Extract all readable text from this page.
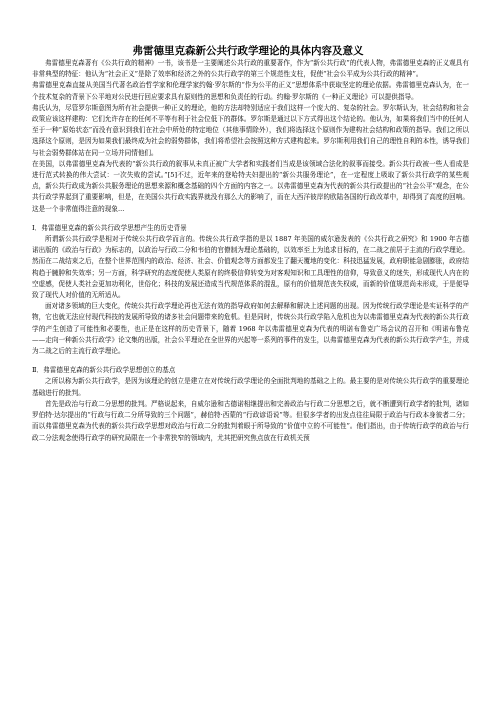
弗雷德里克森新公共行政学理论的具体内容及意义

弗雷德里克森著有《公共行政的精神》一书，该书是一主要阐述公共行政的重要著作，作为“新公共行政”的代表人物，弗雷德里克森的正义观具有非常典型的特征：他认为“社会正义”是除了效率和经济之外的公共行政学的第三个规范性支柱，促使“社会公平成为公共行政的精神”。

弗雷德里克森直接从美国当代著名政治哲学家和伦理学家约翰·罗尔斯的“作为公平的正义”思想体系中获取坚定的理论依据。弗雷德里克森认为，在一个技术复杂的背景下公平地对公民进行回应要求具有原则性的思想和负责任的行动。约翰·罗尔斯的《一种正义理论》可以提供指导。

弗氏认为，尽管罗尔斯意图为所有社会提供一种正义的理论，他的方法却特别适应于我们这样一个庞大的、复杂的社会。罗尔斯认为，社会结构和社会政策应该这样建构：它们允许存在的任何不平等有利于社会位低下的群体。罗尔斯是通过以下方式得出这个结论的。他认为，如果将我们当中的任何人至于一种“原始状态”而没有意识到我们在社会中所处的特定地位（其他事情除外），我们将选择这个原则作为建构社会结构和政策的指导。我们之所以选择这个原则，是因为如果我们最终成为社会的弱势群体，我们将希望社会按照这种方式建构起来。罗尔斯利用我们自己的理性自利的本性，诱导我们与社会弱势群体站在同一立场并同情他们。

在美国，以弗雷德里克森为代表的“新公共行政的叙事从未真正被广大学者和实践者们当成是该领域合法化的叙事而接受。新公共行政被一些人看成是进行范式转换的伟大尝试：一次失败的尝试。”[5]不过，近年来的登哈特夫妇提出的“新公共服务理论”，在一定程度上吸取了新公共行政学的某些观点，新公共行政成为新公共服务理论的思想来源和概念基础的四个方面的内容之一。以弗雷德里克森为代表的新公共行政提出的“社会公平”观念，在公共行政学界起到了重要影响，但是，在美国公共行政实践界就没有那么大的影响了，而在大西洋彼岸的欧陆各国的行政改革中，却得到了高度的回响。这是一个非常值得注意的现象...

Ⅰ．弗雷德里克森的新公共行政学思想产生的历史背景

所谓新公共行政学是相对于传统公共行政学而言的。传统公共行政学指的是以 1887 年美国的威尔逊发表的《公共行政之研究》和 1900 年古德诺出版的《政治与行政》为标志的，以政治与行政二分和韦伯的官僚制为理论基础的，以效率至上为追求目标的，在二战之前居于主流的行政学理论。然而在二战结束之后，在整个世界范围内的政治、经济、社会、价值观念等方面都发生了翻天覆地的变化：科技迅猛发展，政府职能急剧膨胀，政府结构趋于臃肿和失效率；另一方面，科学研究的态度促使人类原有的终极信仰转变为对客观知识和工具理性的信仰，导致意义的迷失，形成现代人内在的空虚感，促使人类社会更加功利化，世俗化；科技的发展还造成当代规范体系的混乱，原有的价值规范丧失权威，而新的价值规范尚未形成，于是便导致了现代人对价值的无所适从。

面对诸多领域的巨大变化，传统公共行政学理论再也无法有效的指导政府如何去解释和解决上述问题的出现。因为传统行政学理论是实证科学的产物，它也就无法应付现代科技的发展所导致的诸多社会问题带来的危机。但是同时，传统公共行政学陷入危机也为以弗雷德里克森为代表的新公共行政学的产生创造了可能性和必要性，也正是在这样的历史背景下，随着 1968 年以弗雷德里克森为代表的明诺布鲁克广场会议的召开和《明诺布鲁克——走向一种新公共行政学》论文集的出版，社会公平理论在全世界的兴起等一系列的事件的发生，以弗雷德里克森为代表的新公共行政学产生，并成为二战之后的主流行政学理论。

Ⅱ．弗雷德里克森的新公共行政学思想创立的基点

之所以称为新公共行政学，是因为该理论的创立是建立在对传统行政学理论的全面批判地的基础之上的。最主要的是对传统公共行政学的重要理论基础进行的批判。

首先是政治与行政二分思想的批判。严格说起来，自威尔逊和古德诺相继提出和完善政治与行政二分思想之后，就不断遭到行政学者的批判，诸如罗伯特·达尔提出的“行政与行政二分所导致的三个问题”，赫伯特·西蒙的“行政谚语说”等。但很多学者的出发点往往局限于政治与行政本身彼者二分；而以弗雷德里克森为代表的新公共行政学思想对政治与行政二分的批判着眼于所导致的“价值中立的不可能性”。他们指出，由于传统行政学的政治与行政二分法观念使得行政学的研究局限在一个非常狭窄的领域内，尤其把研究焦点放在行政机关预
